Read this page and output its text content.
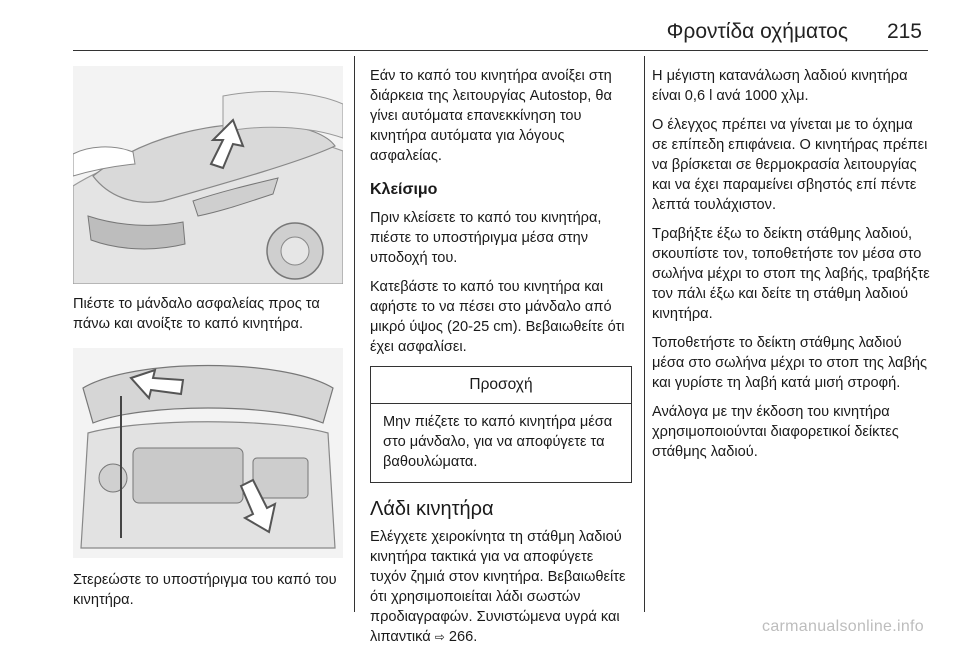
Φροντίδα οχήματος 215

Πιέστε το μάνδαλο ασφαλείας προς τα πάνω και ανοίξτε το καπό κινητήρα.

Στερεώστε το υποστήριγμα του καπό του κινητήρα.

Εάν το καπό του κινητήρα ανοίξει στη διάρκεια της λειτουργίας Autostop, θα γίνει αυτόματα επανεκκίνηση του κινητήρα αυτόματα για λόγους ασφαλείας.

Κλείσιμο

Πριν κλείσετε το καπό του κινητήρα, πιέστε το υποστήριγμα μέσα στην υποδοχή του.

Κατεβάστε το καπό του κινητήρα και αφήστε το να πέσει στο μάνδαλο από μικρό ύψος (20-25 cm). Βεβαιωθείτε ότι έχει ασφαλίσει.

Προσοχή
Μην πιέζετε το καπό κινητήρα μέσα στο μάνδαλο, για να αποφύγετε τα βαθουλώματα.
Λάδι κινητήρα

Ελέγχετε χειροκίνητα τη στάθμη λαδιού κινητήρα τακτικά για να αποφύγετε τυχόν ζημιά στον κινητήρα. Βεβαιωθείτε ότι χρησιμοποιείται λάδι σωστών προδιαγραφών. Συνιστώμενα υγρά και λιπαντικά ⇨ 266.

Η μέγιστη κατανάλωση λαδιού κινητήρα είναι 0,6 l ανά 1000 χλμ.

Ο έλεγχος πρέπει να γίνεται με το όχημα σε επίπεδη επιφάνεια. Ο κινητήρας πρέπει να βρίσκεται σε θερμοκρασία λειτουργίας και να έχει παραμείνει σβηστός επί πέντε λεπτά τουλάχιστον.

Τραβήξτε έξω το δείκτη στάθμης λαδιού, σκουπίστε τον, τοποθετήστε τον μέσα στο σωλήνα μέχρι το στοπ της λαβής, τραβήξτε τον πάλι έξω και δείτε τη στάθμη λαδιού κινητήρα.

Τοποθετήστε το δείκτη στάθμης λαδιού μέσα στο σωλήνα μέχρι το στοπ της λαβής και γυρίστε τη λαβή κατά μισή στροφή.

Ανάλογα με την έκδοση του κινητήρα χρησιμοποιούνται διαφορετικοί δείκτες στάθμης λαδιού.

carmanualsonline.info
